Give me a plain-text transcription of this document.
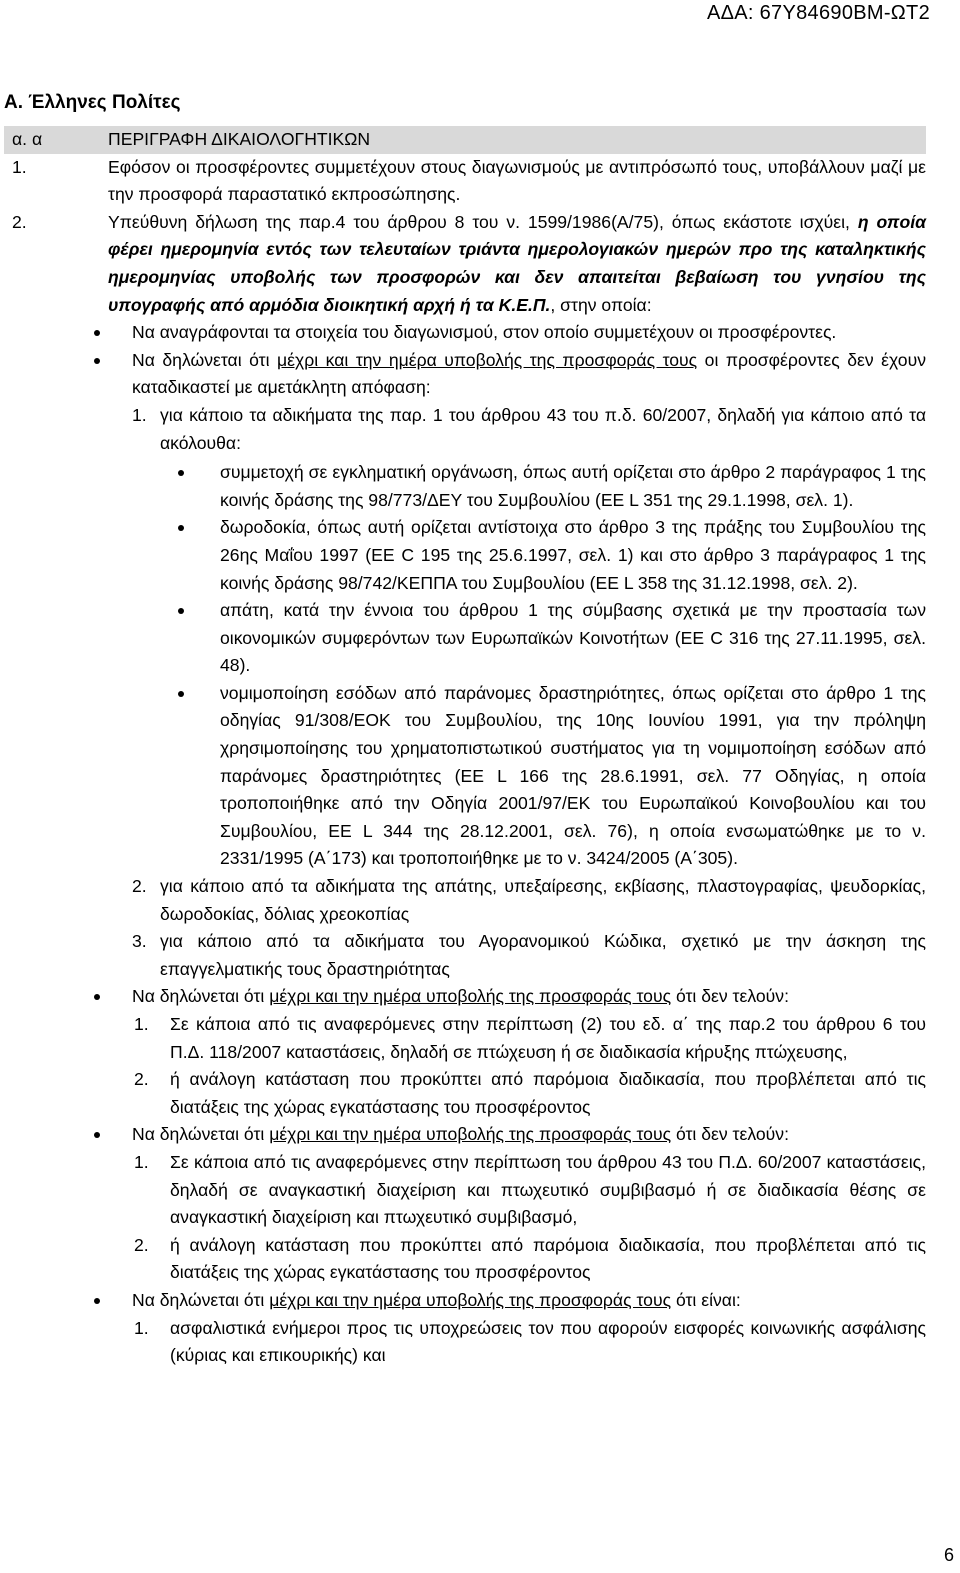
ΑΔΑ: 67Υ84690ΒΜ-ΩΤ2
Α. Έλληνες Πολίτες
α. α	ΠΕΡΙΓΡΑΦΗ ΔΙΚΑΙΟΛΟΓΗΤΙΚΩΝ
1.	Εφόσον οι προσφέροντες συμμετέχουν στους διαγωνισμούς με αντιπρόσωπό τους, υποβάλλουν μαζί με την προσφορά παραστατικό εκπροσώπησης.
2.	Υπεύθυνη δήλωση της παρ.4 του άρθρου 8 του ν. 1599/1986(Α/75), όπως εκάστοτε ισχύει, η οποία φέρει ημερομηνία εντός των τελευταίων τριάντα ημερολογιακών ημερών προ της καταληκτικής ημερομηνίας υποβολής των προσφορών και δεν απαιτείται βεβαίωση του γνησίου της υπογραφής από αρμόδια διοικητική αρχή ή τα Κ.Ε.Π., στην οποία:
Να αναγράφονται τα στοιχεία του διαγωνισμού, στον οποίο συμμετέχουν οι προσφέροντες.
Να δηλώνεται ότι μέχρι και την ημέρα υποβολής της προσφοράς τους οι προσφέροντες δεν έχουν καταδικαστεί με αμετάκλητη απόφαση:
1. για κάποιο τα αδικήματα της παρ. 1 του άρθρου 43 του π.δ. 60/2007, δηλαδή για κάποιο από τα ακόλουθα:
συμμετοχή σε εγκληματική οργάνωση, όπως αυτή ορίζεται στο άρθρο 2 παράγραφος 1 της κοινής δράσης της 98/773/ΔΕΥ του Συμβουλίου (ΕΕ L 351 της 29.1.1998, σελ. 1).
δωροδοκία, όπως αυτή ορίζεται αντίστοιχα στο άρθρο 3 της πράξης του Συμβουλίου της 26ης Μαΐου 1997 (ΕΕ C 195 της 25.6.1997, σελ. 1) και στο άρθρο 3 παράγραφος 1 της κοινής δράσης 98/742/ΚΕΠΠΑ του Συμβουλίου (ΕΕ L 358 της 31.12.1998, σελ. 2).
απάτη, κατά την έννοια του άρθρου 1 της σύμβασης σχετικά με την προστασία των οικονομικών συμφερόντων των Ευρωπαϊκών Κοινοτήτων (ΕΕ C 316 της 27.11.1995, σελ. 48).
νομιμοποίηση εσόδων από παράνομες δραστηριότητες, όπως ορίζεται στο άρθρο 1 της οδηγίας 91/308/ΕΟΚ του Συμβουλίου, της 10ης Ιουνίου 1991, για την πρόληψη χρησιμοποίησης του χρηματοπιστωτικού συστήματος για τη νομιμοποίηση εσόδων από παράνομες δραστηριότητες (ΕΕ L 166 της 28.6.1991, σελ. 77 Οδηγίας, η οποία τροποποιήθηκε από την Οδηγία 2001/97/ΕΚ του Ευρωπαϊκού Κοινοβουλίου και του Συμβουλίου, ΕΕ L 344 της 28.12.2001, σελ. 76), η οποία ενσωματώθηκε με το ν. 2331/1995 (Α΄173) και τροποποιήθηκε με το ν. 3424/2005 (Α΄305).
2. για κάποιο από τα αδικήματα της απάτης, υπεξαίρεσης, εκβίασης, πλαστογραφίας, ψευδορκίας, δωροδοκίας, δόλιας χρεοκοπίας
3. για κάποιο από τα αδικήματα του Αγορανομικού Κώδικα, σχετικό με την άσκηση της επαγγελματικής τους δραστηριότητας
Να δηλώνεται ότι μέχρι και την ημέρα υποβολής της προσφοράς τους ότι δεν τελούν:
1.	Σε κάποια από τις αναφερόμενες στην περίπτωση (2) του εδ. α΄ της παρ.2 του άρθρου 6 του Π.Δ. 118/2007 καταστάσεις, δηλαδή σε πτώχευση ή σε διαδικασία κήρυξης πτώχευσης,
2.	ή ανάλογη κατάσταση που προκύπτει από παρόμοια διαδικασία, που προβλέπεται από τις διατάξεις της χώρας εγκατάστασης του προσφέροντος
Να δηλώνεται ότι μέχρι και την ημέρα υποβολής της προσφοράς τους ότι δεν τελούν:
1.	Σε κάποια από τις αναφερόμενες στην περίπτωση του άρθρου 43 του Π.Δ. 60/2007 καταστάσεις, δηλαδή σε αναγκαστική διαχείριση και πτωχευτικό συμβιβασμό ή σε διαδικασία θέσης σε αναγκαστική διαχείριση και πτωχευτικό συμβιβασμό,
2.	ή ανάλογη κατάσταση που προκύπτει από παρόμοια διαδικασία, που προβλέπεται από τις διατάξεις της χώρας εγκατάστασης του προσφέροντος
Να δηλώνεται ότι μέχρι και την ημέρα υποβολής της προσφοράς τους ότι είναι:
1.	ασφαλιστικά ενήμεροι προς τις υποχρεώσεις τον που αφορούν εισφορές κοινωνικής ασφάλισης (κύριας και επικουρικής) και
6
